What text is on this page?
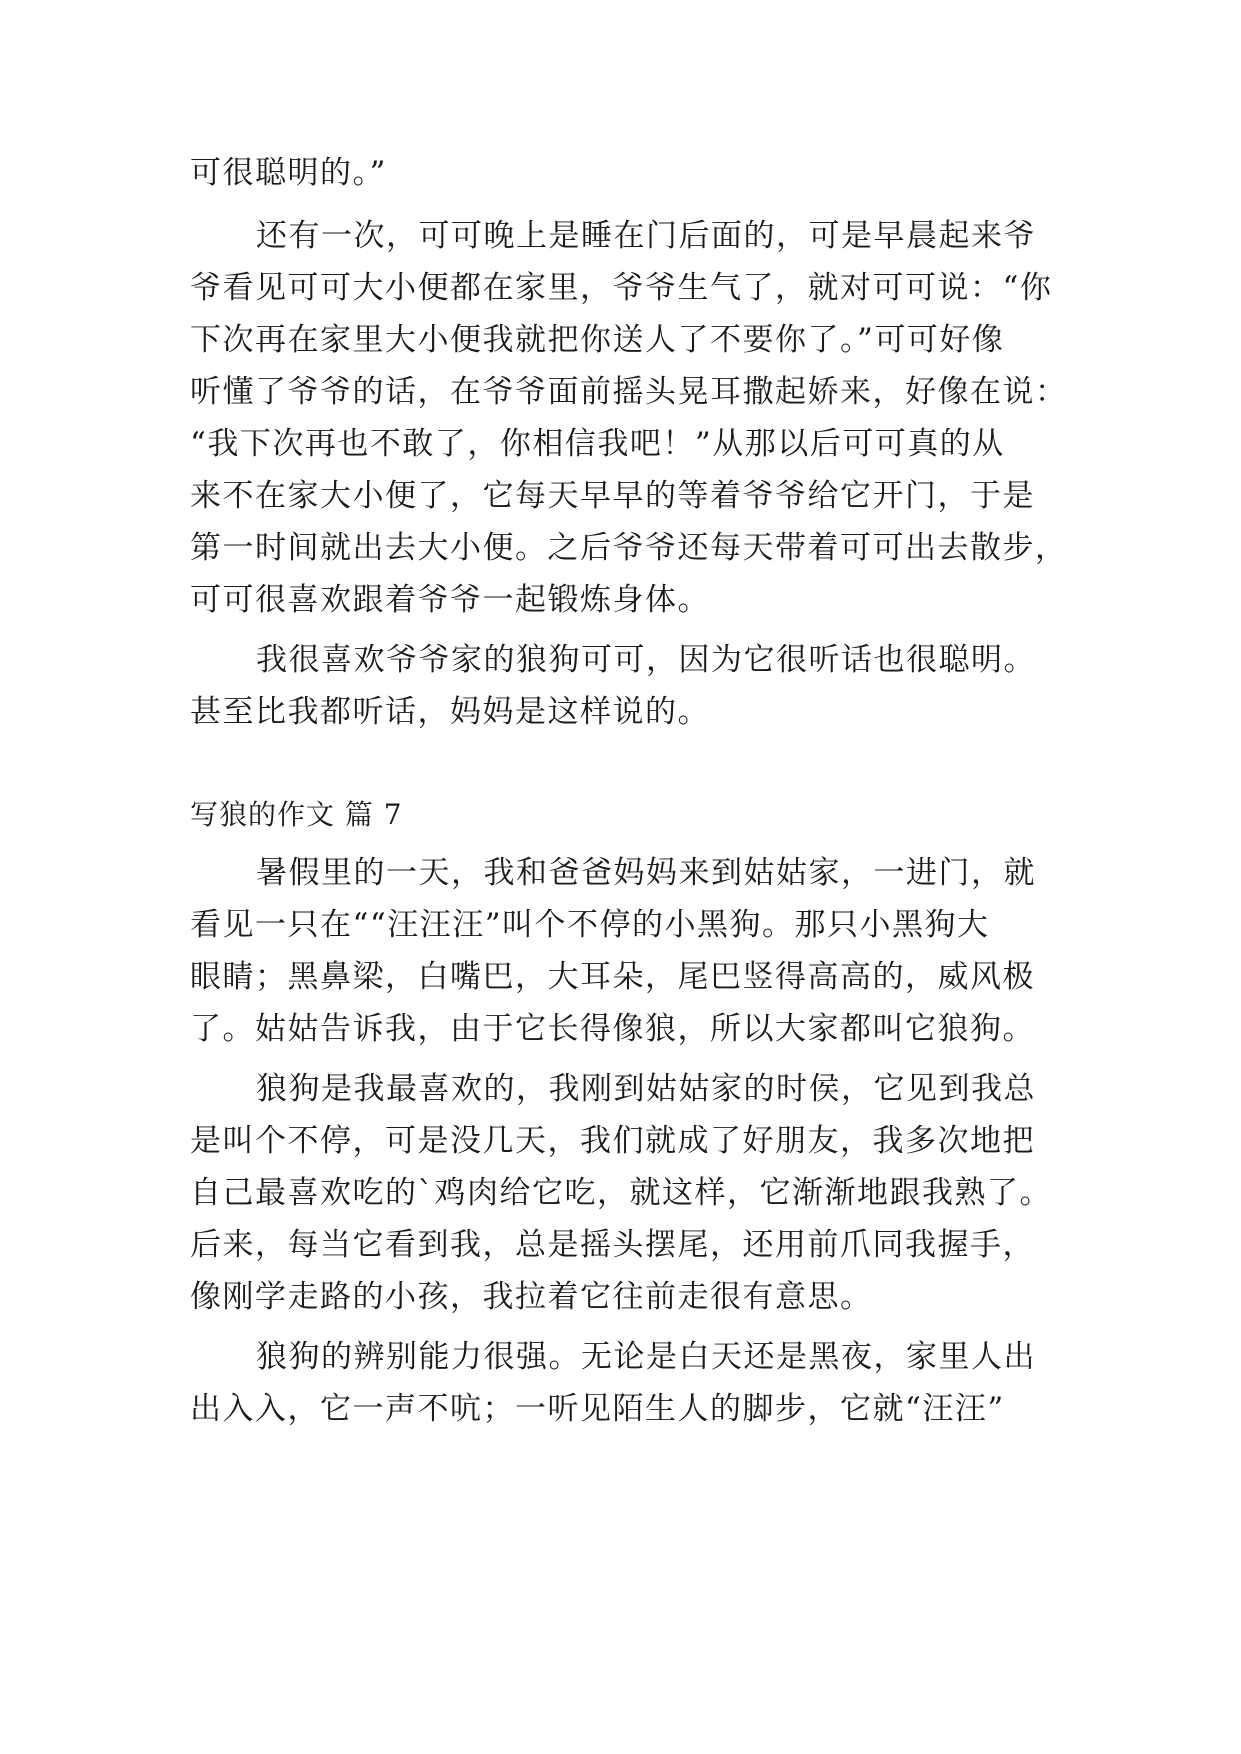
可很聪明的。”
还有一次，可可晚上是睡在门后面的，可是早晨起来爷
爷看见可可大小便都在家里，爷爷生气了，就对可可说：“你
下次再在家里大小便我就把你送人了不要你了。”可可好像
听懂了爷爷的话，在爷爷面前摇头晃耳撒起娇来，好像在说：
“我下次再也不敢了，你相信我吧！”从那以后可可真的从
来不在家大小便了，它每天早早的等着爷爷给它开门，于是
第一时间就出去大小便。之后爷爷还每天带着可可出去散步，
可可很喜欢跟着爷爷一起锻炼身体。
我很喜欢爷爷家的狼狗可可，因为它很听话也很聪明。
甚至比我都听话，妈妈是这样说的。
写狼的作文 篇 7
暑假里的一天，我和爸爸妈妈来到姑姑家，一进门，就
看见一只在““汪汪汪”叫个不停的小黑狗。那只小黑狗大
眼睛；黑鼻梁，白嘴巴，大耳朵，尾巴竖得高高的，威风极
了。姑姑告诉我，由于它长得像狼，所以大家都叫它狼狗。
狼狗是我最喜欢的，我刚到姑姑家的时侯，它见到我总
是叫个不停，可是没几天，我们就成了好朋友，我多次地把
自己最喜欢吃的`鸡肉给它吃，就这样，它渐渐地跟我熟了。
后来，每当它看到我，总是摇头摆尾，还用前爪同我握手，
像刚学走路的小孩，我拉着它往前走很有意思。
狼狗的辨别能力很强。无论是白天还是黑夜，家里人出
出入入，它一声不吭；一听见陌生人的脚步，它就“汪汪”
